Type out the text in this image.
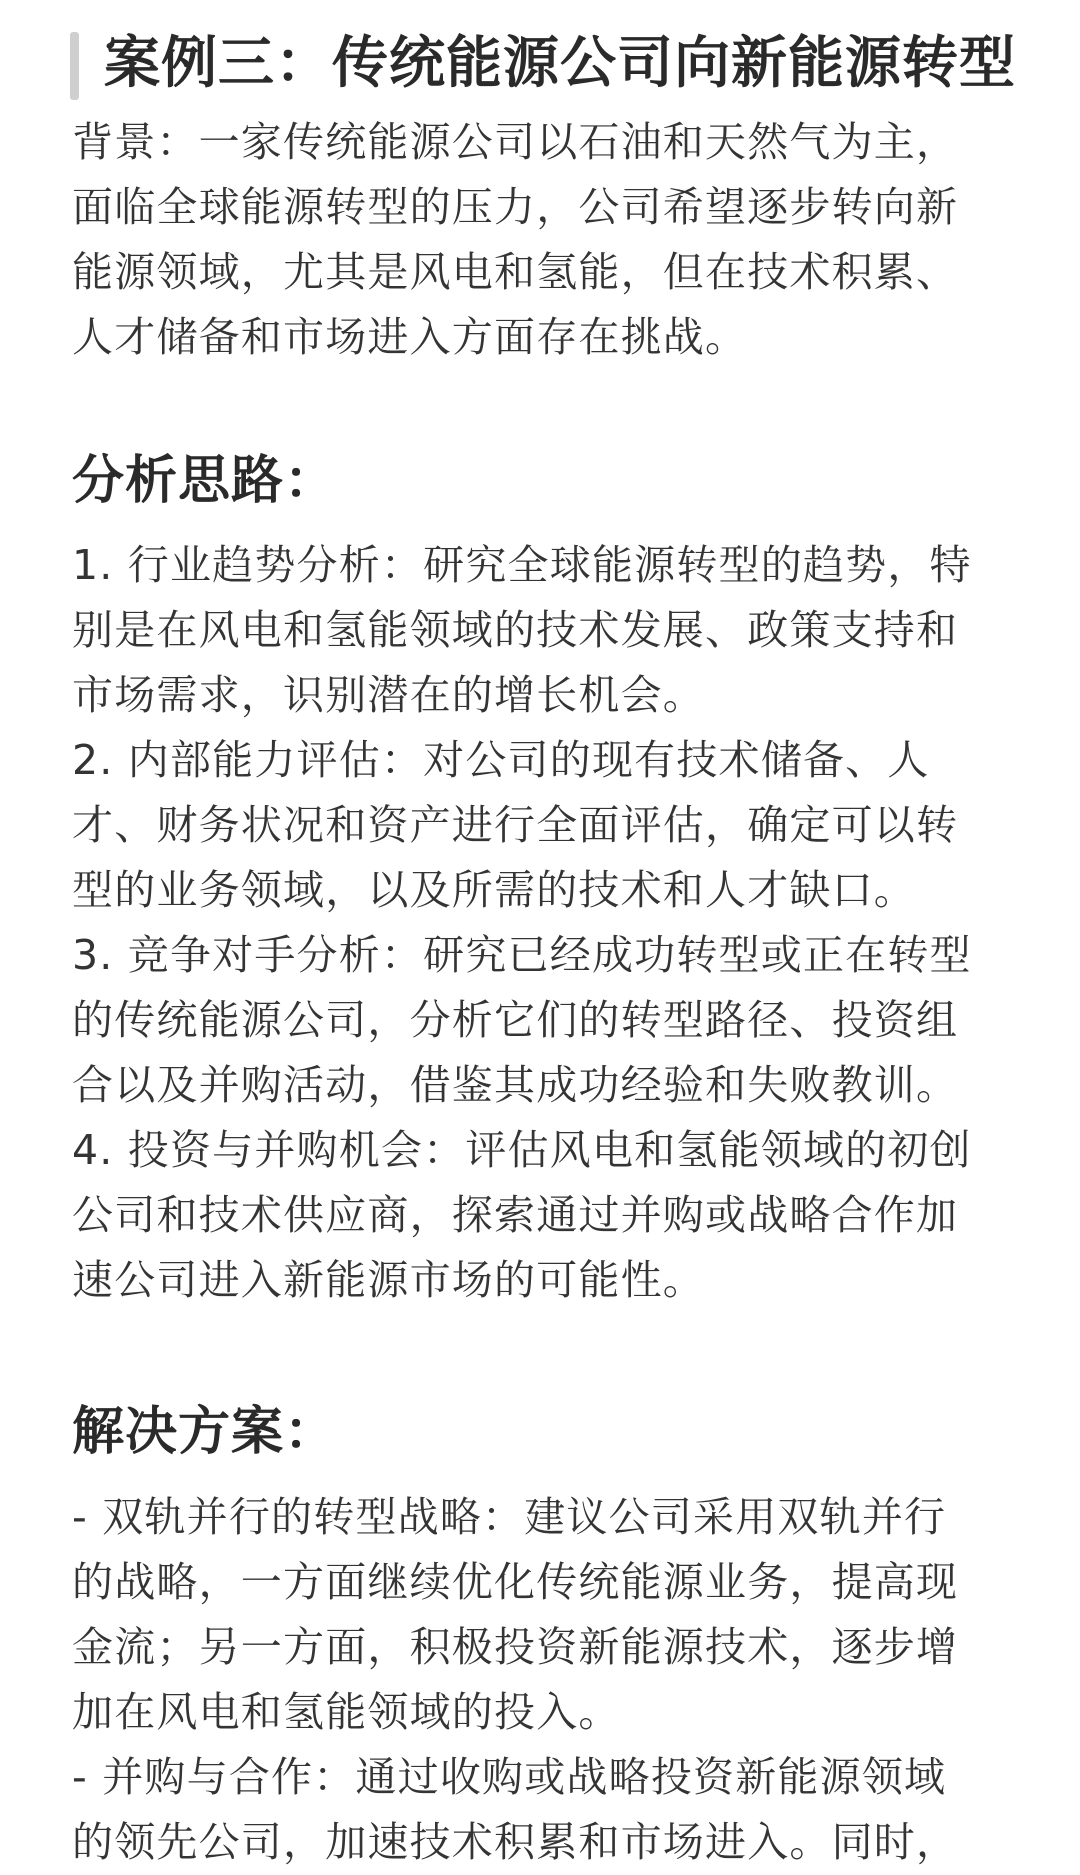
案例三：传统能源公司向新能源转型
背景：一家传统能源公司以石油和天然气为主，
面临全球能源转型的压力，公司希望逐步转向新
能源领域，尤其是风电和氢能，但在技术积累、
人才储备和市场进入方面存在挑战。
分析思路：
1. 行业趋势分析：研究全球能源转型的趋势，特
别是在风电和氢能领域的技术发展、政策支持和
市场需求，识别潜在的增长机会。
2. 内部能力评估：对公司的现有技术储备、人
才、财务状况和资产进行全面评估，确定可以转
型的业务领域，以及所需的技术和人才缺口。
3. 竞争对手分析：研究已经成功转型或正在转型
的传统能源公司，分析它们的转型路径、投资组
合以及并购活动，借鉴其成功经验和失败教训。
4. 投资与并购机会：评估风电和氢能领域的初创
公司和技术供应商，探索通过并购或战略合作加
速公司进入新能源市场的可能性。
解决方案：
- 双轨并行的转型战略：建议公司采用双轨并行
的战略，一方面继续优化传统能源业务，提高现
金流；另一方面，积极投资新能源技术，逐步增
加在风电和氢能领域的投入。
- 并购与合作：通过收购或战略投资新能源领域
的领先公司，加速技术积累和市场进入。同时，
